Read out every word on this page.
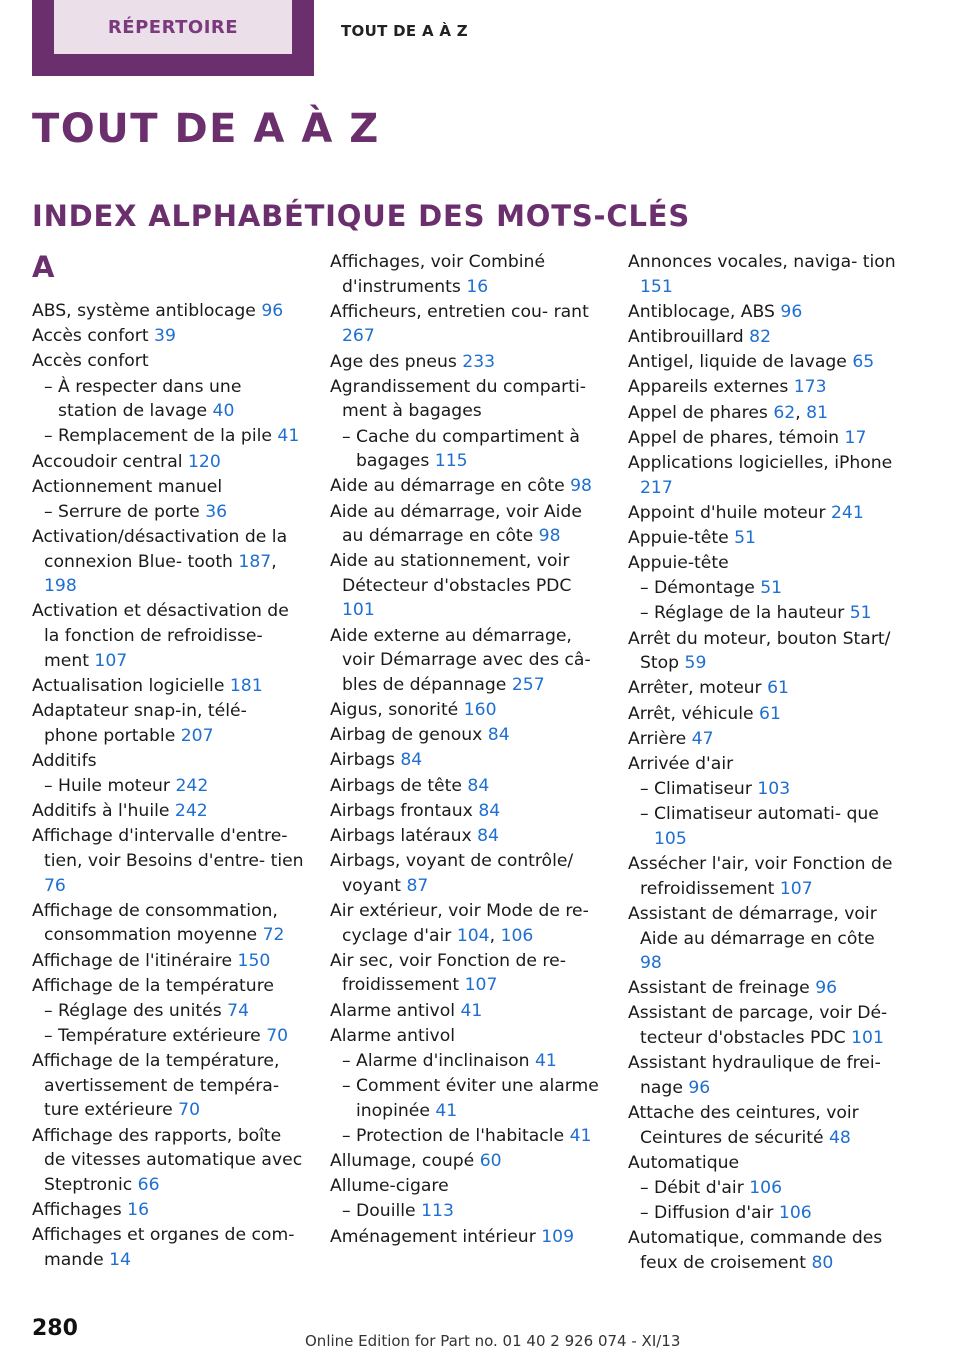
RÉPERTOIRE	TOUT DE A À Z
TOUT DE A À Z
INDEX ALPHABÉTIQUE DES MOTS-CLÉS
A
ABS, système antiblocage 96
Accès confort 39
Accès confort
– À respecter dans une station de lavage 40
– Remplacement de la pile 41
Accoudoir central 120
Actionnement manuel
– Serrure de porte 36
Activation/désactivation de la connexion Blue‐ tooth 187, 198
Activation et désactivation de la fonction de refroidisse‐ ment 107
Actualisation logicielle 181
Adaptateur snap-in, télé‐ phone portable 207
Additifs
– Huile moteur 242
Additifs à l'huile 242
Affichage d'intervalle d'entre‐ tien, voir Besoins d'entre‐ tien 76
Affichage de consommation, consommation moyenne 72
Affichage de l'itinéraire 150
Affichage de la température
– Réglage des unités 74
– Température extérieure 70
Affichage de la température, avertissement de tempéra‐ ture extérieure 70
Affichage des rapports, boîte de vitesses automatique avec Steptronic 66
Affichages 16
Affichages et organes de com‐ mande 14
Affichages, voir Combiné d'instruments 16
Afficheurs, entretien cou‐ rant 267
Age des pneus 233
Agrandissement du comparti‐ ment à bagages
– Cache du compartiment à bagages 115
Aide au démarrage en côte 98
Aide au démarrage, voir Aide au démarrage en côte 98
Aide au stationnement, voir Détecteur d'obstacles PDC 101
Aide externe au démarrage, voir Démarrage avec des câ‐ bles de dépannage 257
Aigus, sonorité 160
Airbag de genoux 84
Airbags 84
Airbags de tête 84
Airbags frontaux 84
Airbags latéraux 84
Airbags, voyant de contrôle/ voyant 87
Air extérieur, voir Mode de re‐ cyclage d'air 104, 106
Air sec, voir Fonction de re‐ froidissement 107
Alarme antivol 41
Alarme antivol
– Alarme d'inclinaison 41
– Comment éviter une alarme inopinée 41
– Protection de l'habitacle 41
Allumage, coupé 60
Allume-cigare
– Douille 113
Aménagement intérieur 109
Annonces vocales, naviga‐ tion 151
Antiblocage, ABS 96
Antibrouillard 82
Antigel, liquide de lavage 65
Appareils externes 173
Appel de phares 62, 81
Appel de phares, témoin 17
Applications logicielles, iPhone 217
Appoint d'huile moteur 241
Appuie-tête 51
Appuie-tête
– Démontage 51
– Réglage de la hauteur 51
Arrêt du moteur, bouton Start/ Stop 59
Arrêter, moteur 61
Arrêt, véhicule 61
Arrière 47
Arrivée d'air
– Climatiseur 103
– Climatiseur automati‐ que 105
Assécher l'air, voir Fonction de refroidissement 107
Assistant de démarrage, voir Aide au démarrage en côte 98
Assistant de freinage 96
Assistant de parcage, voir Dé‐ tecteur d'obstacles PDC 101
Assistant hydraulique de frei‐ nage 96
Attache des ceintures, voir Ceintures de sécurité 48
Automatique
– Débit d'air 106
– Diffusion d'air 106
Automatique, commande des feux de croisement 80
280	Online Edition for Part no. 01 40 2 926 074 - XI/13
